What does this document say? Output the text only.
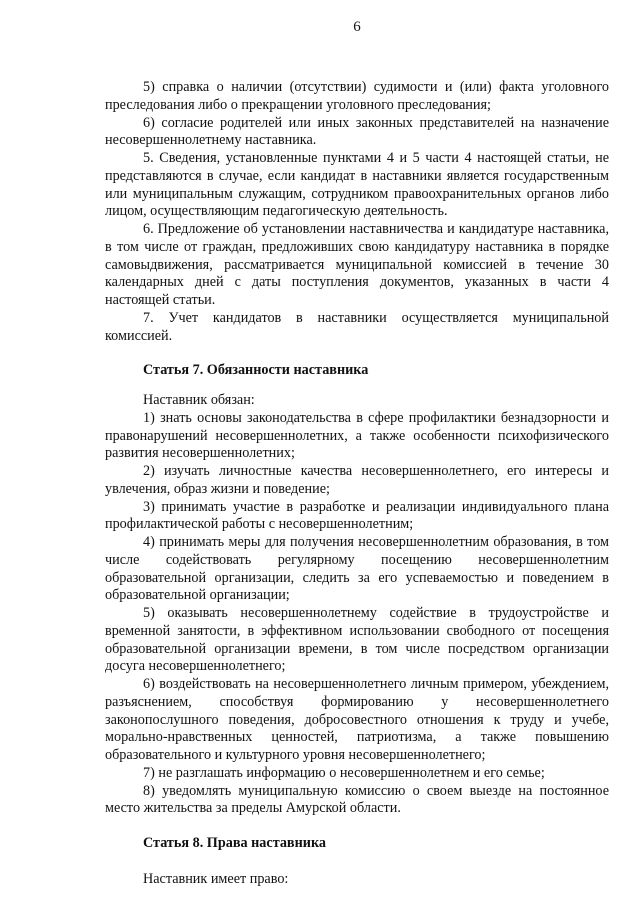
6

5) справка о наличии (отсутствии) судимости и (или) факта уголовного преследования либо о прекращении уголовного преследования;

6) согласие родителей или иных законных представителей на назначение несовершеннолетнему наставника.

5. Сведения, установленные пунктами 4 и 5 части 4 настоящей статьи, не представляются в случае, если кандидат в наставники является государственным или муниципальным служащим, сотрудником правоохранительных органов либо лицом, осуществляющим педагогическую деятельность.

6. Предложение об установлении наставничества и кандидатуре наставника, в том числе от граждан, предложивших свою кандидатуру наставника в порядке самовыдвижения, рассматривается муниципальной комиссией в течение 30 календарных дней с даты поступления документов, указанных в части 4 настоящей статьи.

7. Учет кандидатов в наставники осуществляется муниципальной комиссией.

Статья 7. Обязанности наставника

Наставник обязан:

1) знать основы законодательства в сфере профилактики безнадзорности и правонарушений несовершеннолетних, а также особенности психофизического развития несовершеннолетних;

2) изучать личностные качества несовершеннолетнего, его интересы и увлечения, образ жизни и поведение;

3) принимать участие в разработке и реализации индивидуального плана профилактической работы с несовершеннолетним;

4) принимать меры для получения несовершеннолетним образования, в том числе содействовать регулярному посещению несовершеннолетним образовательной организации, следить за его успеваемостью и поведением в образовательной организации;

5) оказывать несовершеннолетнему содействие в трудоустройстве и временной занятости, в эффективном использовании свободного от посещения образовательной организации времени, в том числе посредством организации досуга несовершеннолетнего;

6) воздействовать на несовершеннолетнего личным примером, убеждением, разъяснением, способствуя формированию у несовершеннолетнего законопослушного поведения, добросовестного отношения к труду и учебе, морально-нравственных ценностей, патриотизма, а также повышению образовательного и культурного уровня несовершеннолетнего;

7) не разглашать информацию о несовершеннолетнем и его семье;

8) уведомлять муниципальную комиссию о своем выезде на постоянное место жительства за пределы Амурской области.

Статья 8. Права наставника

Наставник имеет право:
